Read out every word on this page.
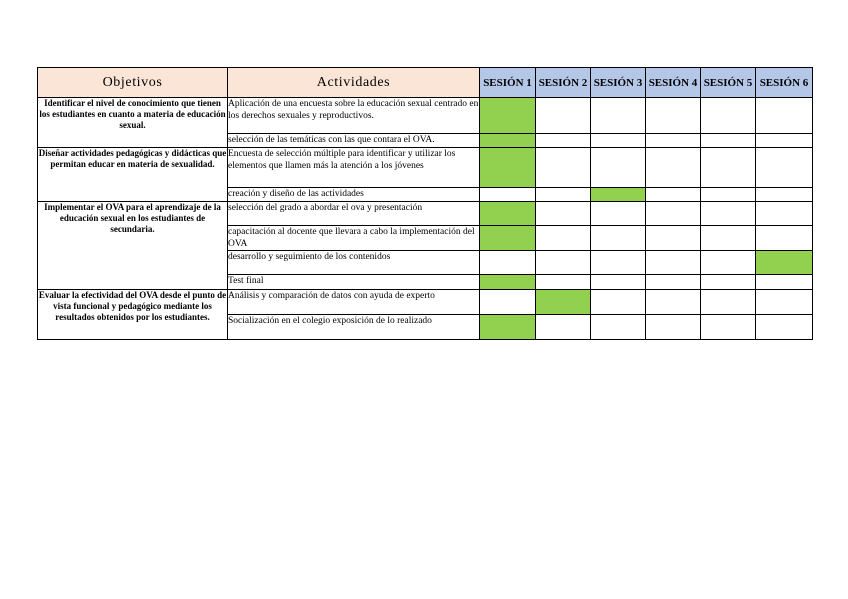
Objetivos	Actividades	SESIÓN 1	SESIÓN 2	SESIÓN 3	SESIÓN 4	SESIÓN 5	SESIÓN 6
Identificar el nivel de conocimiento que tienen los estudiantes en cuanto a materia de educación sexual.	Aplicación de una encuesta sobre la educación sexual centrado en los derechos sexuales y reproductivos.						
	selección de las temáticas con las que contara el OVA.						
Diseñar actividades pedagógicas y didácticas que permitan educar en materia de sexualidad.	Encuesta de selección múltiple para identificar y utilizar los elementos que llamen más la atención a los jóvenes						
	creación y diseño de las actividades						
Implementar el OVA para el aprendizaje de la educación sexual en los estudiantes de secundaria.	selección del grado a abordar el ova y presentación						
	capacitación al docente que llevara a cabo la implementación del OVA						
	desarrollo y seguimiento de los contenidos						
	Test final						
Evaluar la efectividad del OVA desde el punto de vista funcional y pedagógico mediante los resultados obtenidos por los estudiantes.	Análisis y comparación de datos con ayuda de experto						
	Socialización en el colegio exposición de lo realizado						
